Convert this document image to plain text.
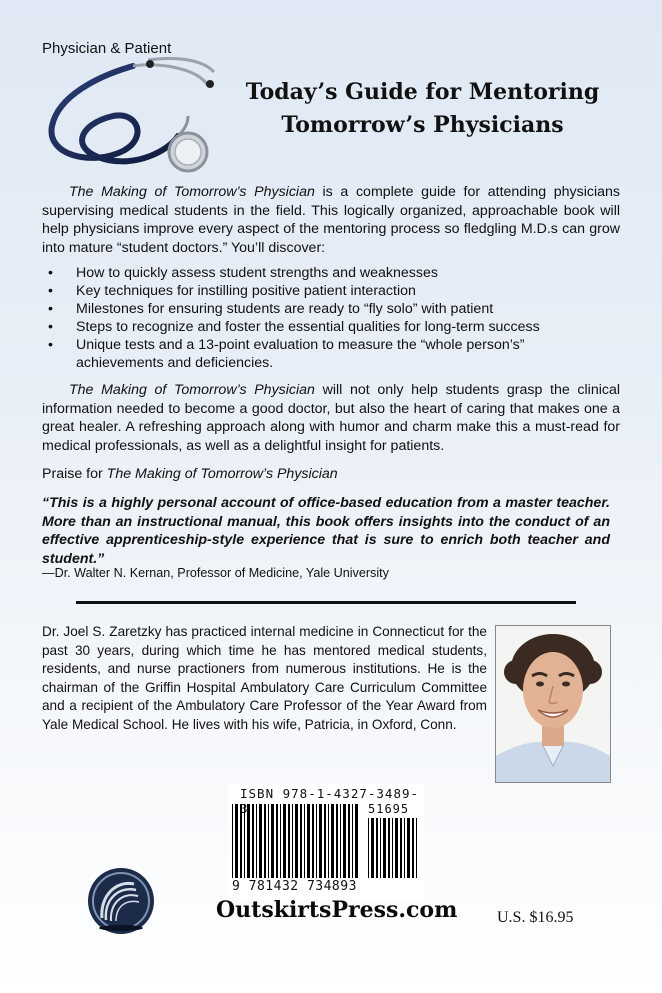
Physician & Patient
Today’s Guide for Mentoring
Tomorrow’s Physicians
The Making of Tomorrow’s Physician is a complete guide for attending physicians supervising medical students in the field. This logically organized, approachable book will help physicians improve every aspect of the mentoring process so fledgling M.D.s can grow into mature “student doctors.” You’ll discover:
• How to quickly assess student strengths and weaknesses
• Key techniques for instilling positive patient interaction
• Milestones for ensuring students are ready to “fly solo” with patient
• Steps to recognize and foster the essential qualities for long-term success
• Unique tests and a 13-point evaluation to measure the “whole person’s” achievements and deficiencies.
The Making of Tomorrow’s Physician will not only help students grasp the clinical information needed to become a good doctor, but also the heart of caring that makes one a great healer. A refreshing approach along with humor and charm make this a must-read for medical professionals, as well as a delightful insight for patients.
Praise for The Making of Tomorrow’s Physician
“This is a highly personal account of office-based education from a master teacher. More than an instructional manual, this book offers insights into the conduct of an effective apprenticeship-style experience that is sure to enrich both teacher and student.”
—Dr. Walter N. Kernan, Professor of Medicine, Yale University
Dr. Joel S. Zaretzky has practiced internal medicine in Connecticut for the past 30 years, during which time he has mentored medical students, residents, and nurse practioners from numerous institutions. He is the chairman of the Griffin Hospital Ambulatory Care Curriculum Committee and a recipient of the Ambulatory Care Professor of the Year Award from Yale Medical School. He lives with his wife, Patricia, in Oxford, Conn.
ISBN 978-1-4327-3489-3	51695
9 781432 734893
OutskirtsPress.com U.S. $16.95
